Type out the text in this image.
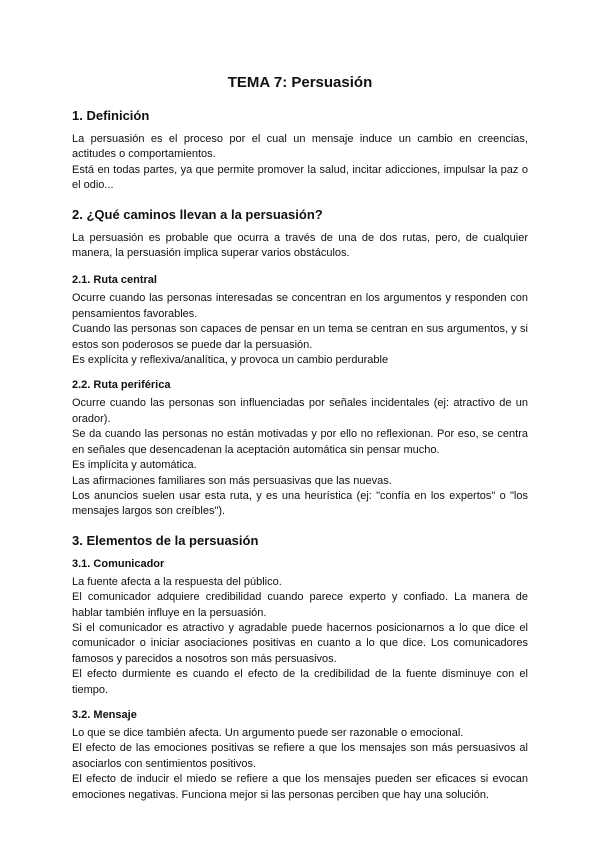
TEMA 7: Persuasión
1. Definición

La persuasión es el proceso por el cual un mensaje induce un cambio en creencias, actitudes o comportamientos.

Está en todas partes, ya que permite promover la salud, incitar adicciones, impulsar la paz o el odio...

2. ¿Qué caminos llevan a la persuasión?

La persuasión es probable que ocurra a través de una de dos rutas, pero, de cualquier manera, la persuasión implica superar varios obstáculos.

2.1. Ruta central

Ocurre cuando las personas interesadas se concentran en los argumentos y responden con pensamientos favorables.

Cuando las personas son capaces de pensar en un tema se centran en sus argumentos, y si estos son poderosos se puede dar la persuasión.

Es explícita y reflexiva/analítica, y provoca un cambio perdurable

2.2. Ruta periférica

Ocurre cuando las personas son influenciadas por señales incidentales (ej: atractivo de un orador).

Se da cuando las personas no están motivadas y por ello no reflexionan. Por eso, se centra en señales que desencadenan la aceptación automática sin pensar mucho.

Es implícita y automática.

Las afirmaciones familiares son más persuasivas que las nuevas.

Los anuncios suelen usar esta ruta, y es una heurística (ej: "confía en los expertos" o "los mensajes largos son creíbles").

3. Elementos de la persuasión
3.1. Comunicador

La fuente afecta a la respuesta del público.

El comunicador adquiere credibilidad cuando parece experto y confiado. La manera de hablar también influye en la persuasión.

Si el comunicador es atractivo y agradable puede hacernos posicionarnos a lo que dice el comunicador o iniciar asociaciones positivas en cuanto a lo que dice. Los comunicadores famosos y parecidos a nosotros son más persuasivos.

El efecto durmiente es cuando el efecto de la credibilidad de la fuente disminuye con el tiempo.

3.2. Mensaje

Lo que se dice también afecta. Un argumento puede ser razonable o emocional.

El efecto de las emociones positivas se refiere a que los mensajes son más persuasivos al asociarlos con sentimientos positivos.

El efecto de inducir el miedo se refiere a que los mensajes pueden ser eficaces si evocan emociones negativas. Funciona mejor si las personas perciben que hay una solución.
